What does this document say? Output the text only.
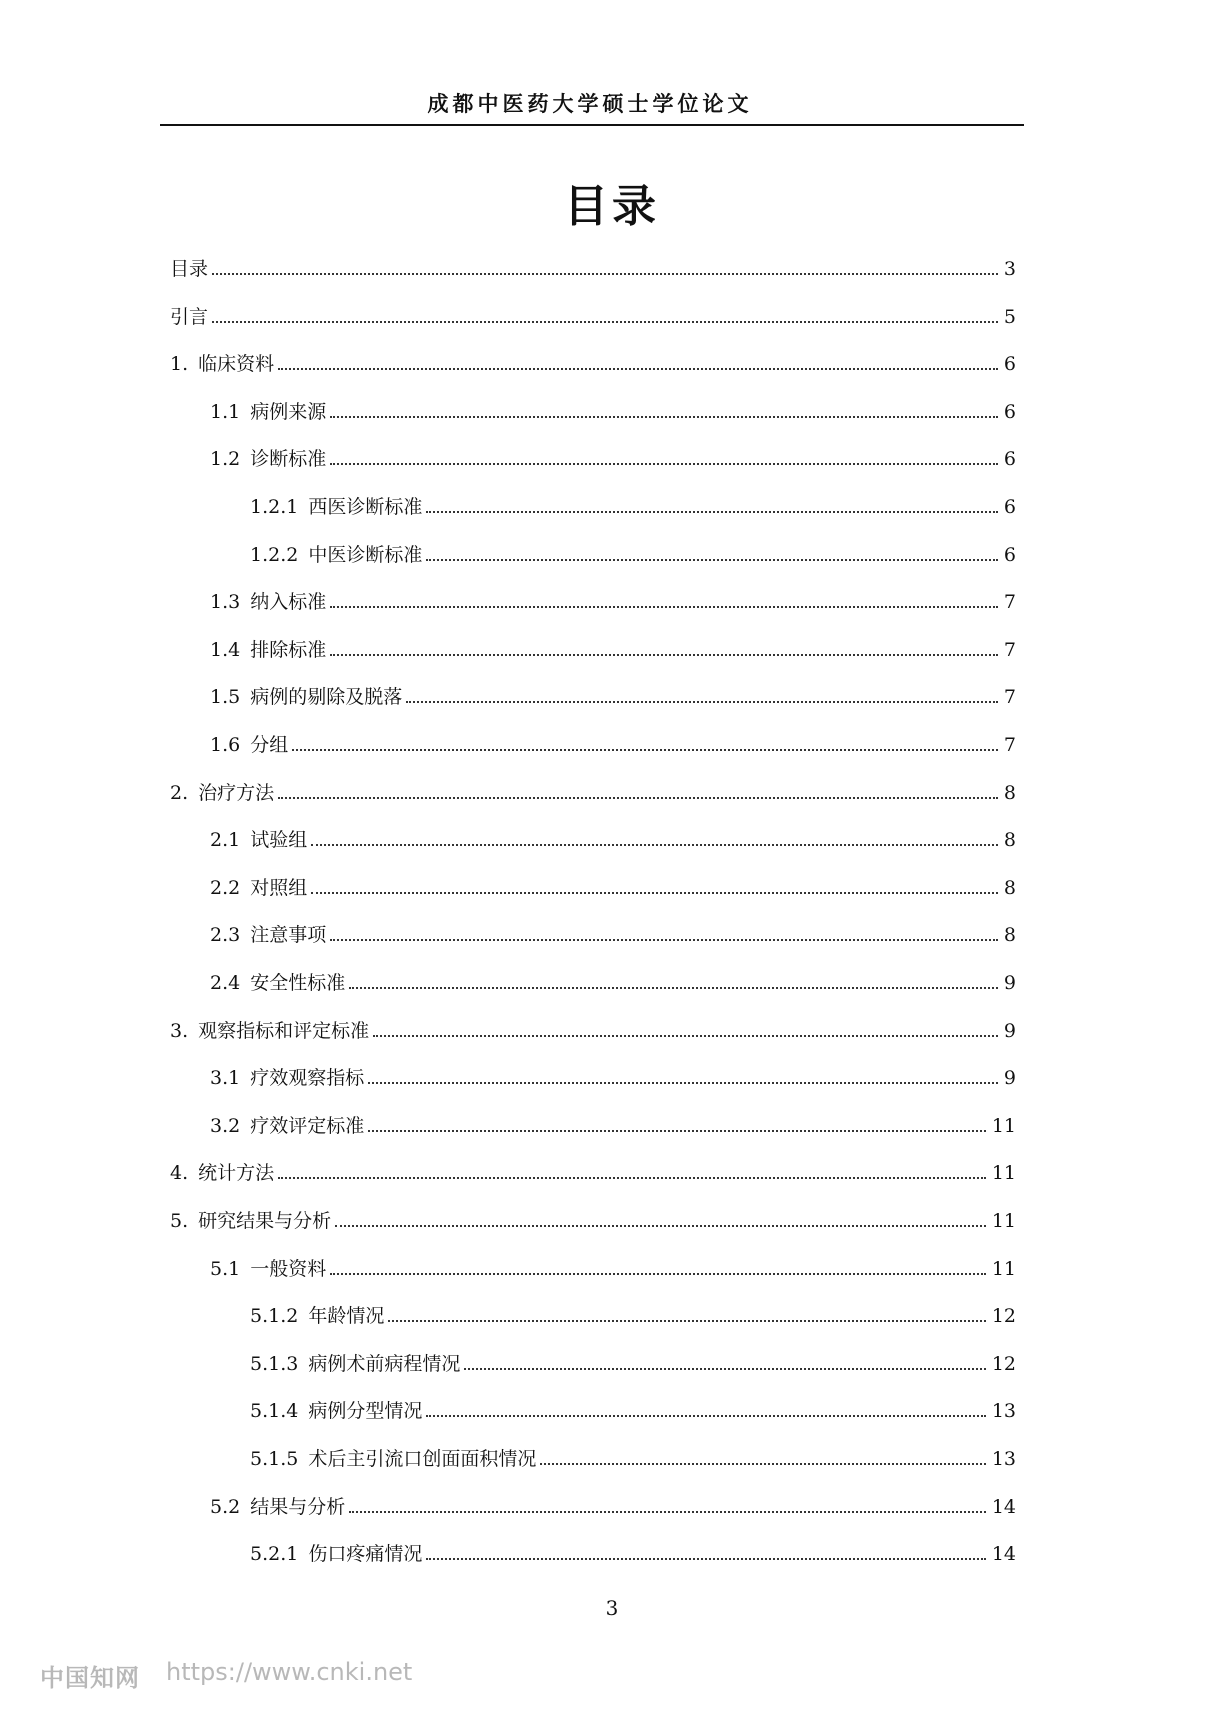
成都中医药大学硕士学位论文
目录
目录	3
引言	5
1. 临床资料	6
1.1 病例来源	6
1.2 诊断标准	6
1.2.1 西医诊断标准	6
1.2.2 中医诊断标准	6
1.3 纳入标准	7
1.4 排除标准	7
1.5 病例的剔除及脱落	7
1.6 分组	7
2. 治疗方法	8
2.1 试验组	8
2.2 对照组	8
2.3 注意事项	8
2.4 安全性标准	9
3. 观察指标和评定标准	9
3.1 疗效观察指标	9
3.2 疗效评定标准	11
4. 统计方法	11
5. 研究结果与分析	11
5.1 一般资料	11
5.1.2 年龄情况	12
5.1.3 病例术前病程情况	12
5.1.4 病例分型情况	13
5.1.5 术后主引流口创面面积情况	13
5.2 结果与分析	14
5.2.1 伤口疼痛情况	14
3
中国知网 https://www.cnki.net
